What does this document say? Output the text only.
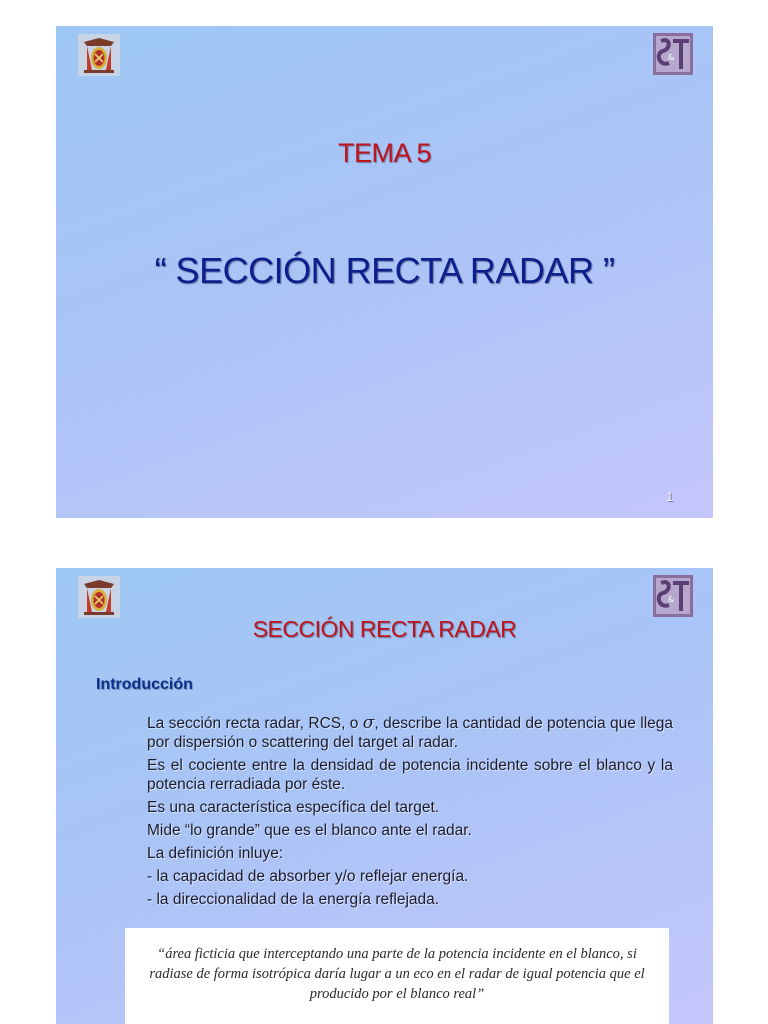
&
TEMA 5
“ SECCIÓN RECTA RADAR ”
1
&
SECCIÓN RECTA RADAR
Introducción
La sección recta radar, RCS, o σ, describe la cantidad de potencia que llega por dispersión o scattering del target al radar.
Es el cociente entre la densidad de potencia incidente sobre el blanco y la potencia rerradiada por éste.
Es una característica específica del target.
Mide “lo grande” que es el blanco ante el radar.
La definición inluye:
- la capacidad de absorber y/o reflejar energía.
- la direccionalidad de la energía reflejada.
“área ficticia que interceptando una parte de la potencia incidente en el blanco, si radiase de forma isotrópica daría lugar a un eco en el radar de igual potencia que el producido por el blanco real”
